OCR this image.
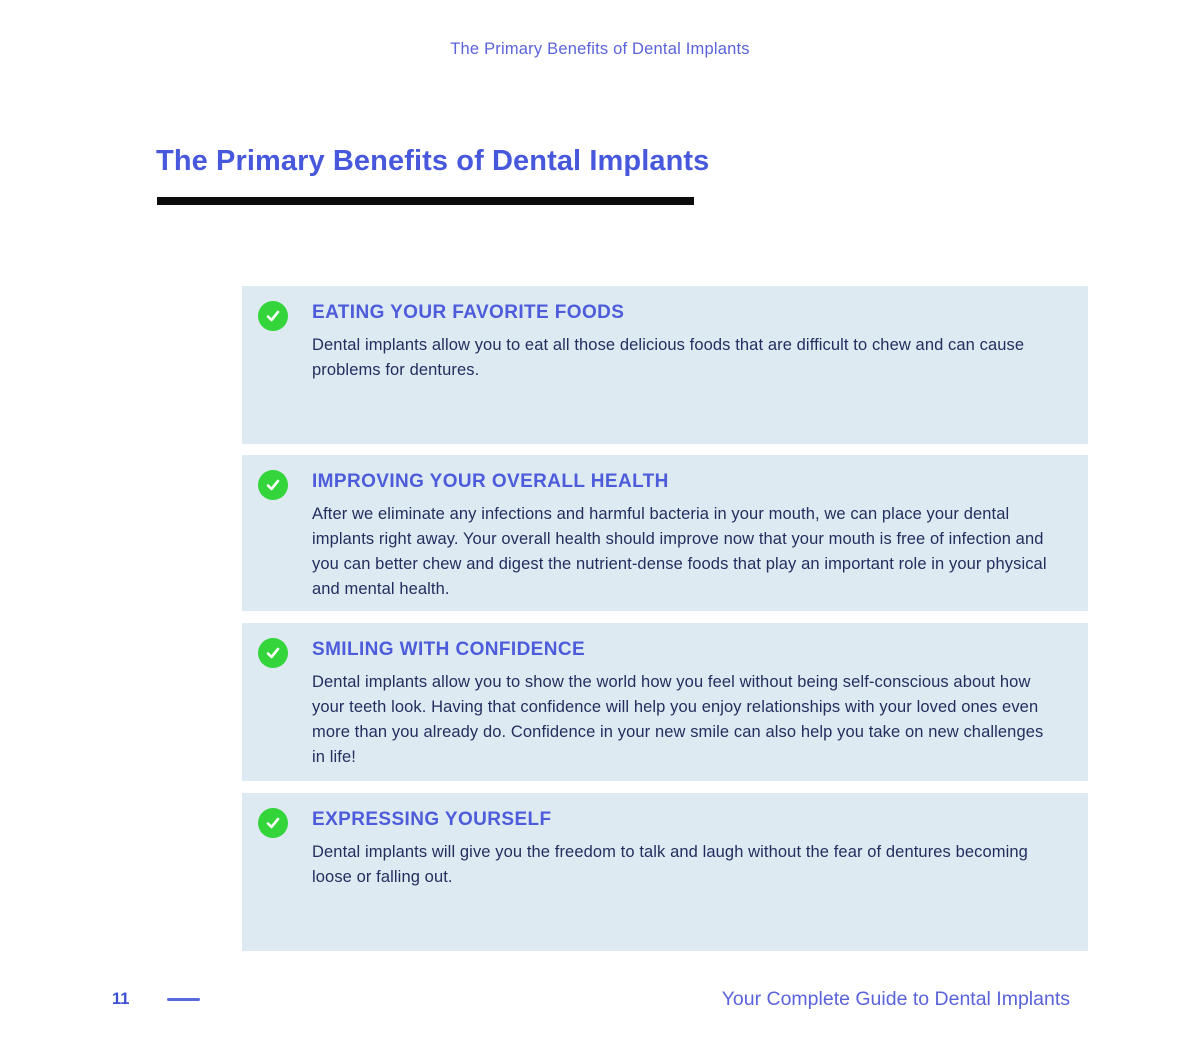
The Primary Benefits of Dental Implants
The Primary Benefits of Dental Implants
EATING YOUR FAVORITE FOODS
Dental implants allow you to eat all those delicious foods that are difficult to chew and can cause problems for dentures.
IMPROVING YOUR OVERALL HEALTH
After we eliminate any infections and harmful bacteria in your mouth, we can place your dental implants right away. Your overall health should improve now that your mouth is free of infection and you can better chew and digest the nutrient-dense foods that play an important role in your physical and mental health.
SMILING WITH CONFIDENCE
Dental implants allow you to show the world how you feel without being self-conscious about how your teeth look. Having that confidence will help you enjoy relationships with your loved ones even more than you already do. Confidence in your new smile can also help you take on new challenges in life!
EXPRESSING YOURSELF
Dental implants will give you the freedom to talk and laugh without the fear of dentures becoming loose or falling out.
11	Your Complete Guide to Dental Implants
